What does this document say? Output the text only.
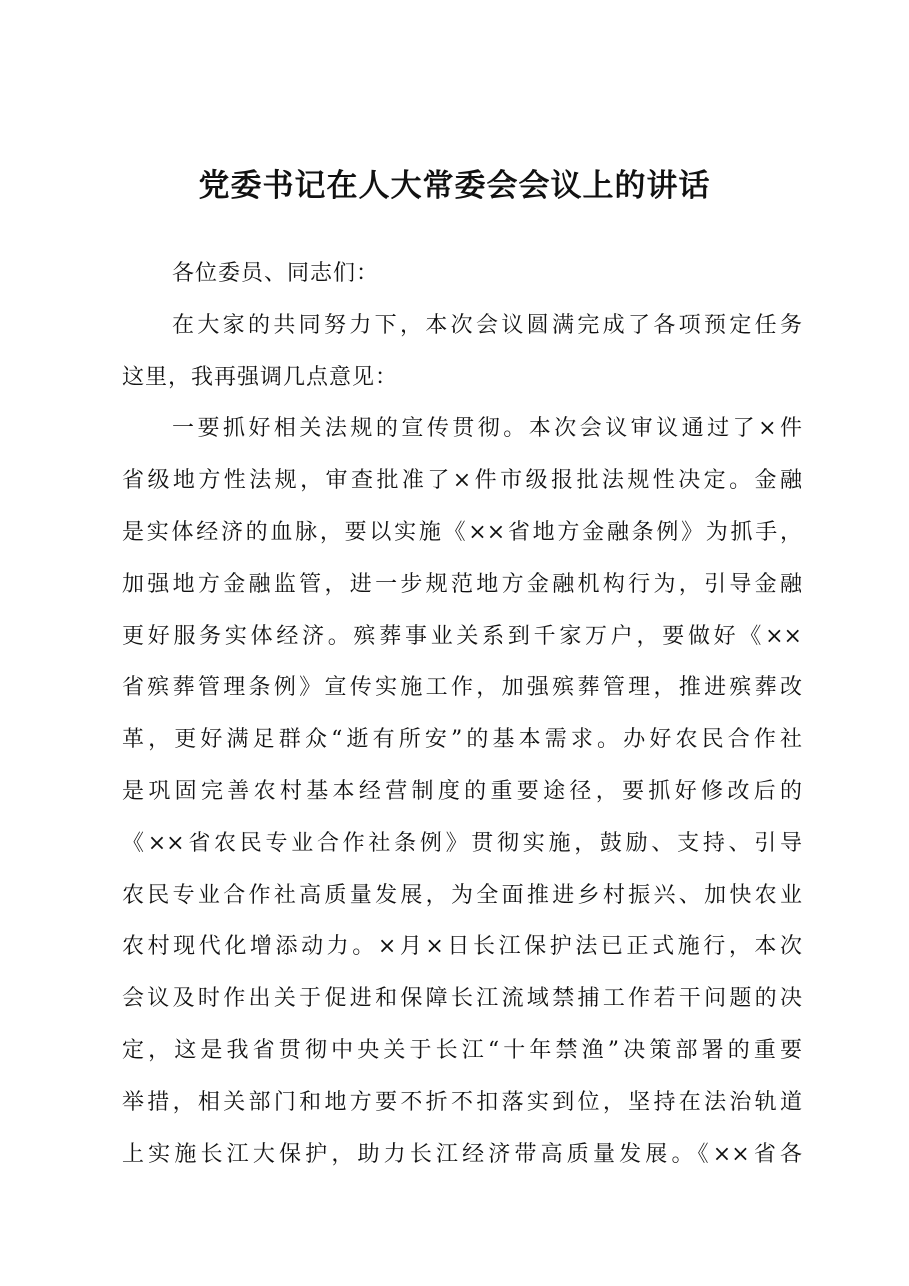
党委书记在人大常委会会议上的讲话
各位委员、同志们：
在大家的共同努力下，本次会议圆满完成了各项预定任务
这里，我再强调几点意见：
一要抓好相关法规的宣传贯彻。本次会议审议通过了×件
省级地方性法规，审查批准了×件市级报批法规性决定。金融
是实体经济的血脉，要以实施《××省地方金融条例》为抓手，
加强地方金融监管，进一步规范地方金融机构行为，引导金融
更好服务实体经济。殡葬事业关系到千家万户，要做好《××
省殡葬管理条例》宣传实施工作，加强殡葬管理，推进殡葬改
革，更好满足群众“逝有所安”的基本需求。办好农民合作社
是巩固完善农村基本经营制度的重要途径，要抓好修改后的
《××省农民专业合作社条例》贯彻实施，鼓励、支持、引导
农民专业合作社高质量发展，为全面推进乡村振兴、加快农业
农村现代化增添动力。×月×日长江保护法已正式施行，本次
会议及时作出关于促进和保障长江流域禁捕工作若干问题的决
定，这是我省贯彻中央关于长江“十年禁渔”决策部署的重要
举措，相关部门和地方要不折不扣落实到位，坚持在法治轨道
上实施长江大保护，助力长江经济带高质量发展。《××省各
